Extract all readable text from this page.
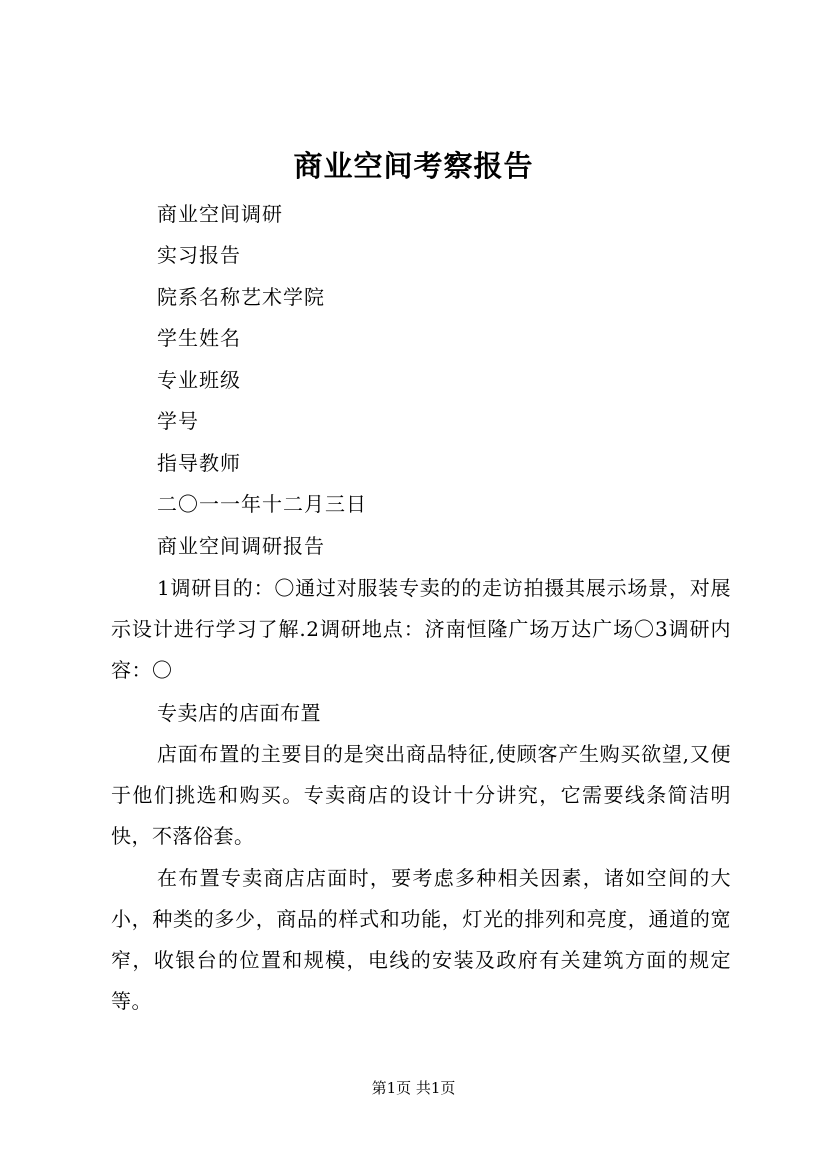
商业空间考察报告
商业空间调研
实习报告
院系名称艺术学院
学生姓名
专业班级
学号
指导教师
二〇一一年十二月三日
商业空间调研报告
1调研目的：〇通过对服装专卖的的走访拍摄其展示场景，对展示设计进行学习了解.2调研地点：济南恒隆广场万达广场〇3调研内容：〇
专卖店的店面布置
店面布置的主要目的是突出商品特征,使顾客产生购买欲望,又便于他们挑选和购买。专卖商店的设计十分讲究，它需要线条简洁明快，不落俗套。
在布置专卖商店店面时，要考虑多种相关因素，诸如空间的大小，种类的多少，商品的样式和功能，灯光的排列和亮度，通道的宽窄，收银台的位置和规模，电线的安装及政府有关建筑方面的规定等。
第1页 共1页
